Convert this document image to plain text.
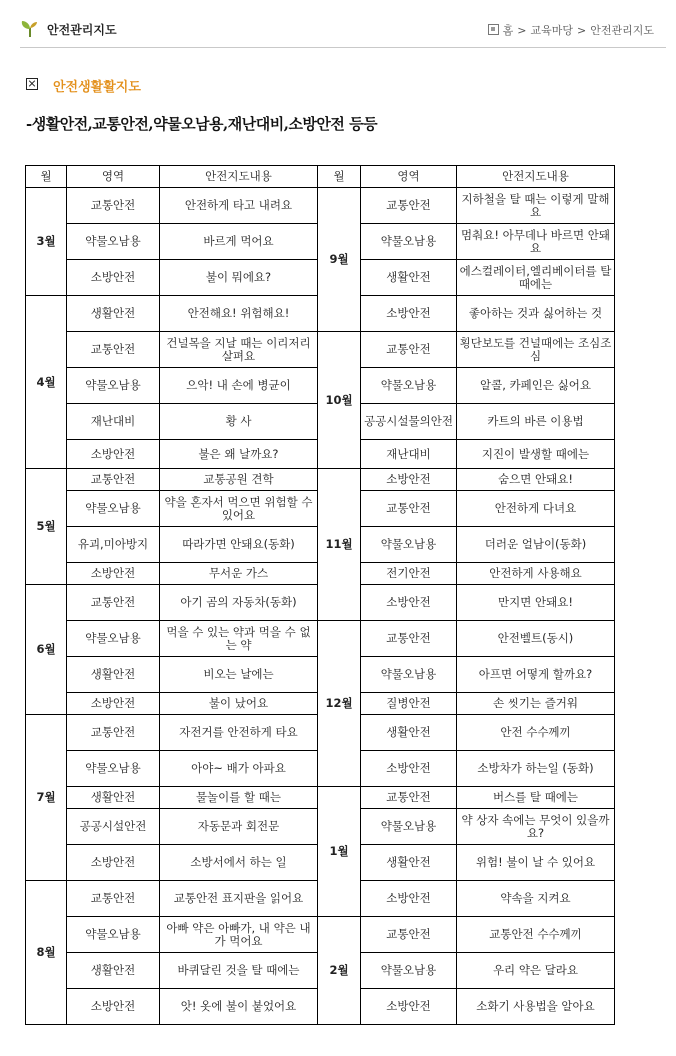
안전관리지도	홈 > 교육마당 > 안전관리지도
안전생활활지도
-생활안전,교통안전,약물오남용,재난대비,소방안전 등등
월	영역	안전지도내용	월	영역	안전지도내용
3월	교통안전	안전하게 타고 내려요	9월	교통안전	지하철을 탈 때는 이렇게 말해요
	약물오남용	바르게 먹어요		약물오남용	멈춰요! 아무데나 바르면 안돼요
	소방안전	불이 뭐에요?		생활안전	에스컬레이터,엘리베이터를 탈 때에는
4월	생활안전	안전해요! 위험해요!		소방안전	좋아하는 것과 싫어하는 것
	교통안전	건널목을 지날 때는 이리저리 살펴요	10월	교통안전	횡단보도를 건널때에는 조심조심
	약물오남용	으악! 내 손에 병균이		약물오남용	알콜, 카페인은 싫어요
	재난대비	황 사		공공시설물의안전	카트의 바른 이용법
	소방안전	불은 왜 날까요?		재난대비	지진이 발생할 때에는
5월	교통안전	교통공원 견학	11월	소방안전	숨으면 안돼요!
	약물오남용	약을 혼자서 먹으면 위험할 수 있어요		교통안전	안전하게 다녀요
	유괴,미아방지	따라가면 안돼요(동화)		약물오남용	더러운 얼남이(동화)
	소방안전	무서운 가스		전기안전	안전하게 사용해요
6월	교통안전	아기 곰의 자동차(동화)		소방안전	만지면 안돼요!
	약물오남용	먹을 수 있는 약과 먹을 수 없는 약	12월	교통안전	안전벨트(동시)
	생활안전	비오는 날에는		약물오남용	아프면 어떻게 할까요?
	소방안전	불이 났어요		질병안전	손 씻기는 즐거워
7월	교통안전	자전거를 안전하게 타요		생활안전	안전 수수께끼
	약물오남용	아야~ 배가 아파요		소방안전	소방차가 하는일 (동화)
	생활안전	물놀이를 할 때는	1월	교통안전	버스를 탈 때에는
	공공시설안전	자동문과 회전문		약물오남용	약 상자 속에는 무엇이 있을까요?
	소방안전	소방서에서 하는 일		생활안전	위험! 불이 날 수 있어요
8월	교통안전	교통안전 표지판을 읽어요		소방안전	약속을 지켜요
	약물오남용	아빠 약은 아빠가, 내 약은 내가 먹어요	2월	교통안전	교통안전 수수께끼
	생활안전	바퀴달린 것을 탈 때에는		약물오남용	우리 약은 달라요
	소방안전	앗! 옷에 불이 붙었어요		소방안전	소화기 사용법을 알아요
